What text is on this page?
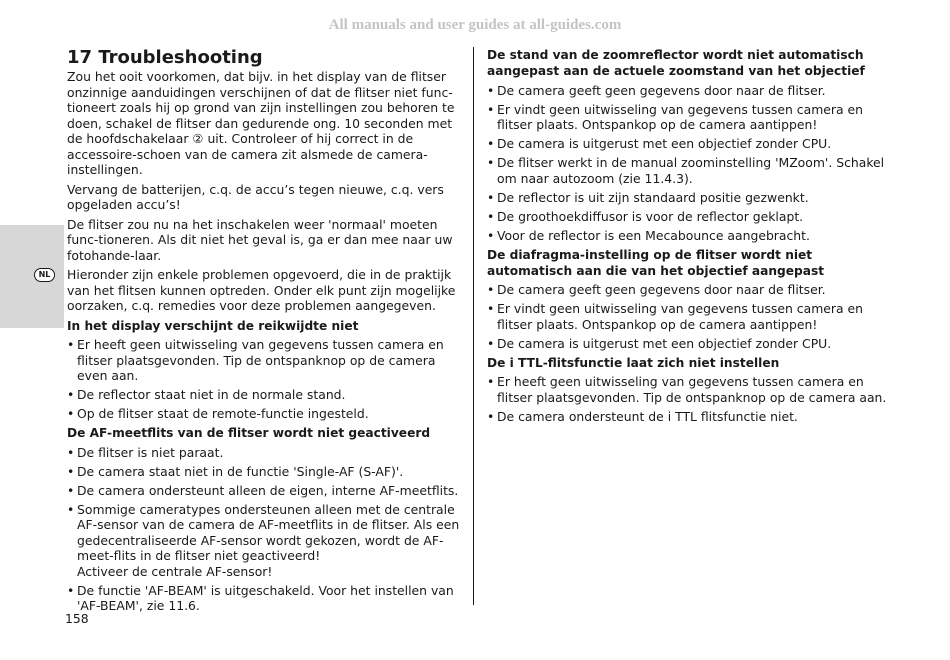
All manuals and user guides at all-guides.com
NL
17 Troubleshooting

Zou het ooit voorkomen, dat bijv. in het display van de flitser onzinnige aanduidingen verschijnen of dat de flitser niet func-tioneert zoals hij op grond van zijn instellingen zou behoren te doen, schakel de flitser dan gedurende ong. 10 seconden met de hoofdschakelaar ② uit. Controleer of hij correct in de accessoire-schoen van de camera zit alsmede de camera-instellingen.

Vervang de batterijen, c.q. de accu’s tegen nieuwe, c.q. vers opgeladen accu’s!

De flitser zou nu na het inschakelen weer 'normaal' moeten func-tioneren. Als dit niet het geval is, ga er dan mee naar uw fotohande-laar.

Hieronder zijn enkele problemen opgevoerd, die in de praktijk van het flitsen kunnen optreden. Onder elk punt zijn mogelijke oorzaken, c.q. remedies voor deze problemen aangegeven.

In het display verschijnt de reikwijdte niet
• Er heeft geen uitwisseling van gegevens tussen camera en flitser plaatsgevonden. Tip de ontspanknop op de camera even aan.
• De reflector staat niet in de normale stand.
• Op de flitser staat de remote-functie ingesteld.
De AF-meetflits van de flitser wordt niet geactiveerd
• De flitser is niet paraat.
• De camera staat niet in de functie 'Single-AF (S-AF)'.
• De camera ondersteunt alleen de eigen, interne AF-meetflits.
• Sommige cameratypes ondersteunen alleen met de centrale AF-sensor van de camera de AF-meetflits in de flitser. Als een gedecentraliseerde AF-sensor wordt gekozen, wordt de AF-meet-flits in de flitser niet geactiveerd!
Activeer de centrale AF-sensor!
• De functie 'AF-BEAM' is uitgeschakeld. Voor het instellen van 'AF-BEAM', zie 11.6.
De stand van de zoomreflector wordt niet automatisch aangepast aan de actuele zoomstand van het objectief
• De camera geeft geen gegevens door naar de flitser.
• Er vindt geen uitwisseling van gegevens tussen camera en flitser plaats. Ontspankop op de camera aantippen!
• De camera is uitgerust met een objectief zonder CPU.
• De flitser werkt in de manual zoominstelling 'MZoom'. Schakel om naar autozoom (zie 11.4.3).
• De reflector is uit zijn standaard positie gezwenkt.
• De groothoekdiffusor is voor de reflector geklapt.
• Voor de reflector is een Mecabounce aangebracht.
De diafragma-instelling op de flitser wordt niet automatisch aan die van het objectief aangepast
• De camera geeft geen gegevens door naar de flitser.
• Er vindt geen uitwisseling van gegevens tussen camera en flitser plaats. Ontspankop op de camera aantippen!
• De camera is uitgerust met een objectief zonder CPU.
De i TTL-flitsfunctie laat zich niet instellen
• Er heeft geen uitwisseling van gegevens tussen camera en flitser plaatsgevonden. Tip de ontspanknop op de camera aan.
• De camera ondersteunt de i TTL flitsfunctie niet.
158
